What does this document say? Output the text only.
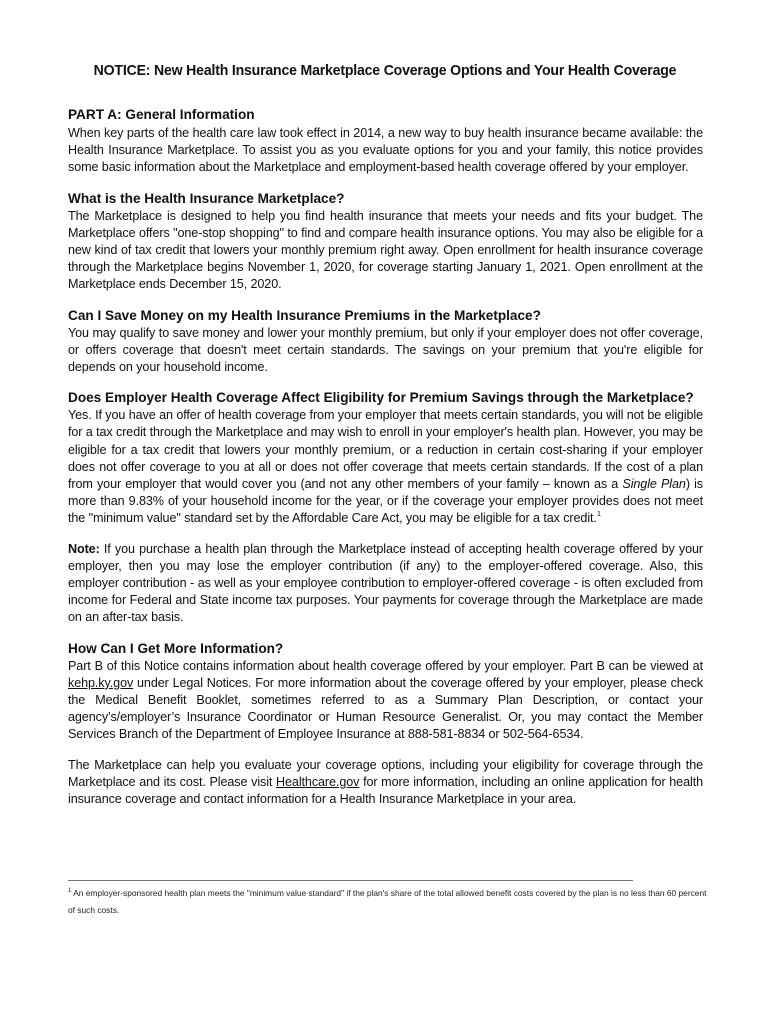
NOTICE: New Health Insurance Marketplace Coverage Options and Your Health Coverage
PART A: General Information

When key parts of the health care law took effect in 2014, a new way to buy health insurance became available: the Health Insurance Marketplace. To assist you as you evaluate options for you and your family, this notice provides some basic information about the Marketplace and employment-based health coverage offered by your employer.

What is the Health Insurance Marketplace?

The Marketplace is designed to help you find health insurance that meets your needs and fits your budget. The Marketplace offers "one-stop shopping" to find and compare health insurance options. You may also be eligible for a new kind of tax credit that lowers your monthly premium right away. Open enrollment for health insurance coverage through the Marketplace begins November 1, 2020, for coverage starting January 1, 2021. Open enrollment at the Marketplace ends December 15, 2020.

Can I Save Money on my Health Insurance Premiums in the Marketplace?

You may qualify to save money and lower your monthly premium, but only if your employer does not offer coverage, or offers coverage that doesn't meet certain standards. The savings on your premium that you're eligible for depends on your household income.

Does Employer Health Coverage Affect Eligibility for Premium Savings through the Marketplace?

Yes. If you have an offer of health coverage from your employer that meets certain standards, you will not be eligible for a tax credit through the Marketplace and may wish to enroll in your employer's health plan. However, you may be eligible for a tax credit that lowers your monthly premium, or a reduction in certain cost-sharing if your employer does not offer coverage to you at all or does not offer coverage that meets certain standards. If the cost of a plan from your employer that would cover you (and not any other members of your family – known as a Single Plan) is more than 9.83% of your household income for the year, or if the coverage your employer provides does not meet the "minimum value" standard set by the Affordable Care Act, you may be eligible for a tax credit.$^1$

Note: If you purchase a health plan through the Marketplace instead of accepting health coverage offered by your employer, then you may lose the employer contribution (if any) to the employer-offered coverage. Also, this employer contribution - as well as your employee contribution to employer-offered coverage - is often excluded from income for Federal and State income tax purposes. Your payments for coverage through the Marketplace are made on an after-tax basis.

How Can I Get More Information?

Part B of this Notice contains information about health coverage offered by your employer. Part B can be viewed at kehp.ky.gov under Legal Notices. For more information about the coverage offered by your employer, please check the Medical Benefit Booklet, sometimes referred to as a Summary Plan Description, or contact your agency’s/employer’s Insurance Coordinator or Human Resource Generalist. Or, you may contact the Member Services Branch of the Department of Employee Insurance at 888-581-8834 or 502-564-6534.

The Marketplace can help you evaluate your coverage options, including your eligibility for coverage through the Marketplace and its cost. Please visit Healthcare.gov for more information, including an online application for health insurance coverage and contact information for a Health Insurance Marketplace in your area.

$^1$ An employer-sponsored health plan meets the "minimum value standard" if the plan's share of the total allowed benefit costs covered by the plan is no less than 60 percent of such costs.
